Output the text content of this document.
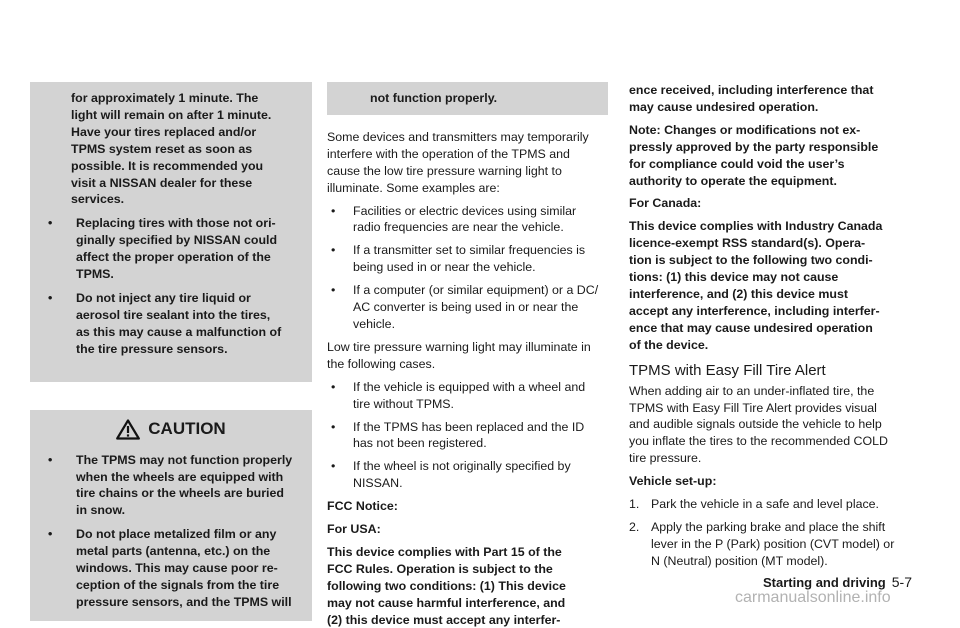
for approximately 1 minute. The
light will remain on after 1 minute.
Have your tires replaced and/or
TPMS system reset as soon as
possible. It is recommended you
visit a NISSAN dealer for these
services.
•	Replacing tires with those not ori-
ginally specified by NISSAN could
affect the proper operation of the
TPMS.
•	Do not inject any tire liquid or
aerosol tire sealant into the tires,
as this may cause a malfunction of
the tire pressure sensors.
CAUTION
•	The TPMS may not function properly
when the wheels are equipped with
tire chains or the wheels are buried
in snow.
•	Do not place metalized film or any
metal parts (antenna, etc.) on the
windows. This may cause poor re-
ception of the signals from the tire
pressure sensors, and the TPMS will
not function properly.
Some devices and transmitters may temporarily
interfere with the operation of the TPMS and
cause the low tire pressure warning light to
illuminate. Some examples are:
•	Facilities or electric devices using similar
radio frequencies are near the vehicle.
•	If a transmitter set to similar frequencies is
being used in or near the vehicle.
•	If a computer (or similar equipment) or a DC/
AC converter is being used in or near the
vehicle.
Low tire pressure warning light may illuminate in
the following cases.
•	If the vehicle is equipped with a wheel and
tire without TPMS.
•	If the TPMS has been replaced and the ID
has not been registered.
•	If the wheel is not originally specified by
NISSAN.
FCC Notice:
For USA:
This device complies with Part 15 of the
FCC Rules. Operation is subject to the
following two conditions: (1) This device
may not cause harmful interference, and
(2) this device must accept any interfer-
ence received, including interference that
may cause undesired operation.
Note: Changes or modifications not ex-
pressly approved by the party responsible
for compliance could void the user’s
authority to operate the equipment.
For Canada:
This device complies with Industry Canada
licence-exempt RSS standard(s). Opera-
tion is subject to the following two condi-
tions: (1) this device may not cause
interference, and (2) this device must
accept any interference, including interfer-
ence that may cause undesired operation
of the device.
TPMS with Easy Fill Tire Alert
When adding air to an under-inflated tire, the
TPMS with Easy Fill Tire Alert provides visual
and audible signals outside the vehicle to help
you inflate the tires to the recommended COLD
tire pressure.
Vehicle set-up:
1. Park the vehicle in a safe and level place.
2. Apply the parking brake and place the shift
lever in the P (Park) position (CVT model) or
N (Neutral) position (MT model).
Starting and driving 5-7
carmanualsonline.info
